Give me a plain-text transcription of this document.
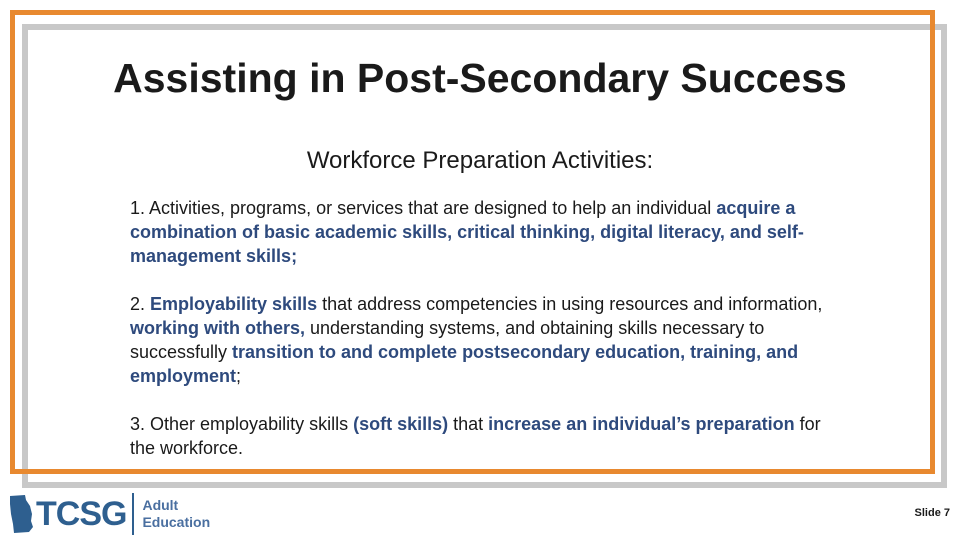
Assisting in Post-Secondary Success
Workforce Preparation Activities:

1. Activities, programs, or services that are designed to help an individual acquire a combination of basic academic skills, critical thinking, digital literacy, and self-management skills;

2. Employability skills that address competencies in using resources and information, working with others, understanding systems, and obtaining skills necessary to successfully transition to and complete postsecondary education, training, and employment;

3. Other employability skills (soft skills) that increase an individual’s preparation for the workforce.

TCSG Adult
Education
Slide 7
